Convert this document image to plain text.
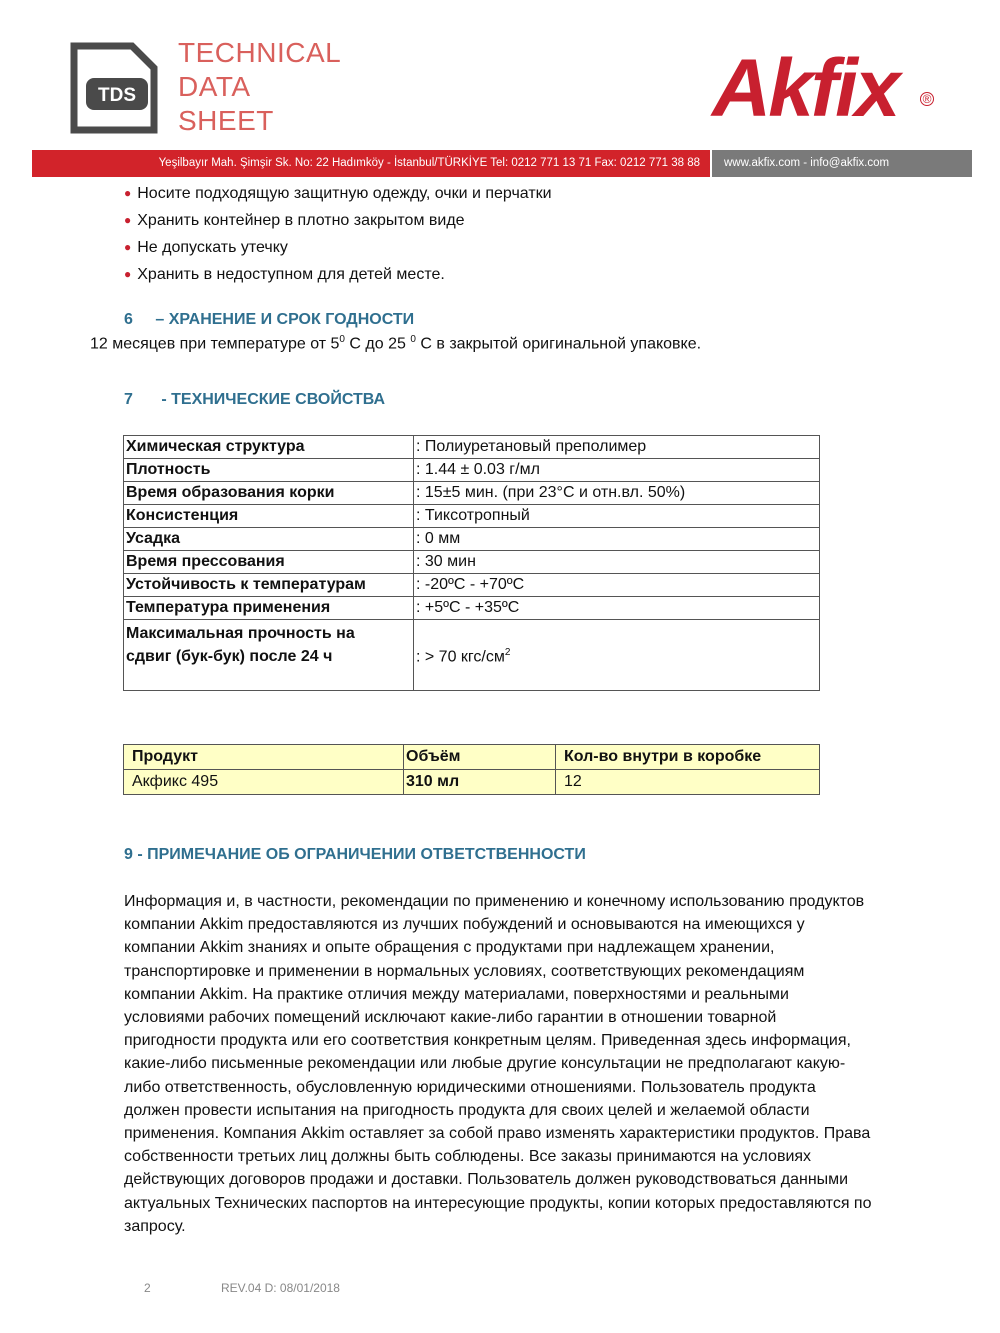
TDS
TECHNICAL
DATA
SHEET	Akfix ®
Yeşilbayır Mah. Şimşir Sk. No: 22 Hadımköy - İstanbul/TÜRKİYE Tel: 0212 771 13 71 Fax: 0212 771 38 88	www.akfix.com - info@akfix.com
● Носите подходящую защитную одежду, очки и перчатки
● Хранить контейнер в плотно закрытом виде
● Не допускать утечку
● Хранить в недоступном для детей месте.
6 – ХРАНЕНИЕ И СРОК ГОДНОСТИ
12 месяцев при температуре от $5^0$ С до 25 $^0$ С в закрытой оригинальной упаковке.
7 - ТЕХНИЧЕСКИЕ СВОЙСТВА
Химическая структура	: Полиуретановый преполимер
Плотность	: 1.44 ± 0.03 г/мл
Время образования корки	: 15±5 мин. (при 23°С и отн.вл. 50%)
Консистенция	: Тиксотропный
Усадка	: 0 мм
Время прессования	: 30 мин
Устойчивость к температурам	: -20ºC - +70ºC
Температура применения	: +5ºC - +35ºC

Максимальная прочность на
сдвиг (бук-бук) после 24 ч	: > 70 кгс/$см^2$
Продукт	Объём	Кол-во внутри в коробке
Акфикс 495	310 мл	12
9 - ПРИМЕЧАНИЕ ОБ ОГРАНИЧЕНИИ ОТВЕТСТВЕННОСТИ
Информация и, в частности, рекомендации по применению и конечному использованию продуктов
компании Akkim предоставляются из лучших побуждений и основываются на имеющихся у
компании Akkim знаниях и опыте обращения с продуктами при надлежащем хранении,
транспортировке и применении в нормальных условиях, соответствующих рекомендациям
компании Akkim. На практике отличия между материалами, поверхностями и реальными
условиями рабочих помещений исключают какие-либо гарантии в отношении товарной
пригодности продукта или его соответствия конкретным целям. Приведенная здесь информация,
какие-либо письменные рекомендации или любые другие консультации не предполагают какую-
либо ответственность, обусловленную юридическими отношениями. Пользователь продукта
должен провести испытания на пригодность продукта для своих целей и желаемой области
применения. Компания Akkim оставляет за собой право изменять характеристики продуктов. Права
собственности третьих лиц должны быть соблюдены. Все заказы принимаются на условиях
действующих договоров продажи и доставки. Пользователь должен руководствоваться данными
актуальных Технических паспортов на интересующие продукты, копии которых предоставляются по
запросу.
2	REV.04 D: 08/01/2018
